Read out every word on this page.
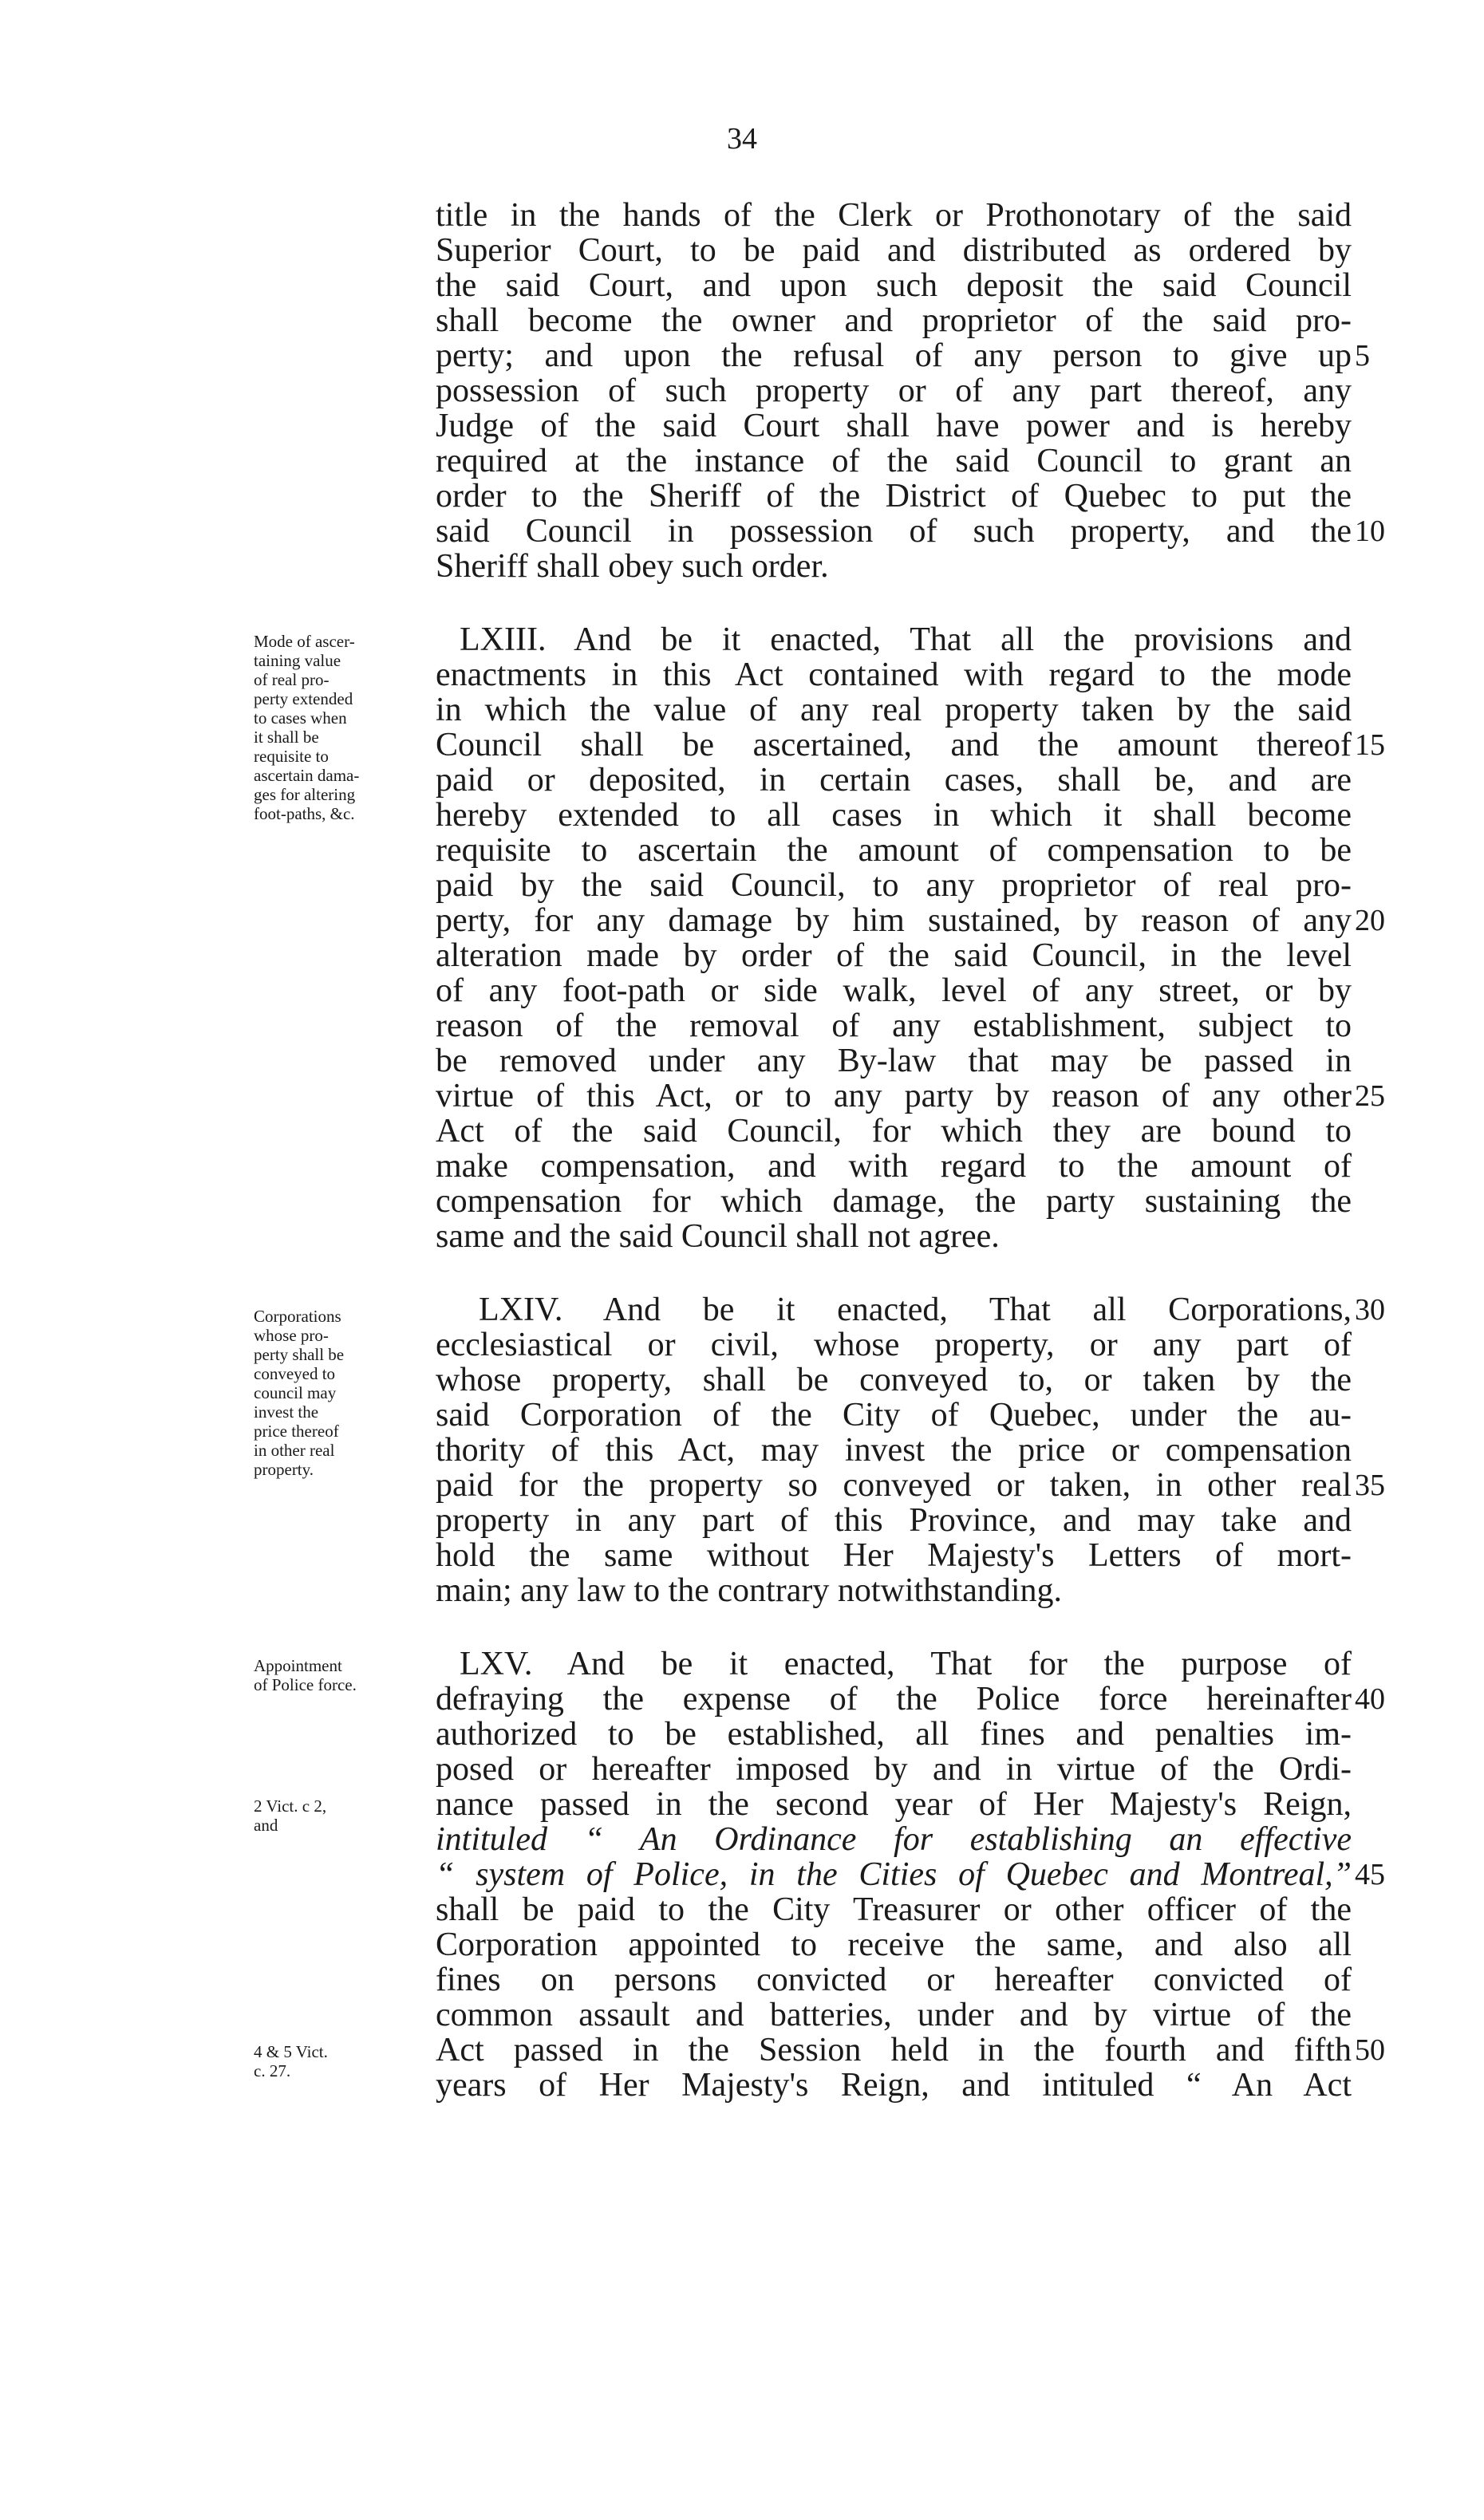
34
title in the hands of the Clerk or Prothonotary of the said
Superior Court, to be paid and distributed as ordered by
the said Court, and upon such deposit the said Council
shall become the owner and proprietor of the said pro-
perty; and upon the refusal of any person to give up
possession of such property or of any part thereof, any
Judge of the said Court shall have power and is hereby
required at the instance of the said Council to grant an
order to the Sheriff of the District of Quebec to put the
said Council in possession of such property, and the
Sheriff shall obey such order.
LXIII. And be it enacted, That all the provisions and
enactments in this Act contained with regard to the mode
in which the value of any real property taken by the said
Council shall be ascertained, and the amount thereof
paid or deposited, in certain cases, shall be, and are
hereby extended to all cases in which it shall become
requisite to ascertain the amount of compensation to be
paid by the said Council, to any proprietor of real pro-
perty, for any damage by him sustained, by reason of any
alteration made by order of the said Council, in the level
of any foot-path or side walk, level of any street, or by
reason of the removal of any establishment, subject to
be removed under any By-law that may be passed in
virtue of this Act, or to any party by reason of any other
Act of the said Council, for which they are bound to
make compensation, and with regard to the amount of
compensation for which damage, the party sustaining the
same and the said Council shall not agree.
LXIV. And be it enacted, That all Corporations,
ecclesiastical or civil, whose property, or any part of
whose property, shall be conveyed to, or taken by the
said Corporation of the City of Quebec, under the au-
thority of this Act, may invest the price or compensation
paid for the property so conveyed or taken, in other real
property in any part of this Province, and may take and
hold the same without Her Majesty's Letters of mort-
main; any law to the contrary notwithstanding.
LXV. And be it enacted, That for the purpose of
defraying the expense of the Police force hereinafter
authorized to be established, all fines and penalties im-
posed or hereafter imposed by and in virtue of the Ordi-
nance passed in the second year of Her Majesty's Reign,
intituled “ An Ordinance for establishing an effective
“ system of Police, in the Cities of Quebec and Montreal,”
shall be paid to the City Treasurer or other officer of the
Corporation appointed to receive the same, and also all
fines on persons convicted or hereafter convicted of
common assault and batteries, under and by virtue of the
Act passed in the Session held in the fourth and fifth
years of Her Majesty's Reign, and intituled “ An Act
5
10
15
20
25
30
35
40
45
50
Mode of ascer-
taining value
of real pro-
perty extended
to cases when
it shall be
requisite to
ascertain dama-
ges for altering
foot-paths, &c.
Corporations
whose pro-
perty shall be
conveyed to
council may
invest the
price thereof
in other real
property.
Appointment
of Police force.
2 Vict. c 2,
and
4 & 5 Vict.
c. 27.
